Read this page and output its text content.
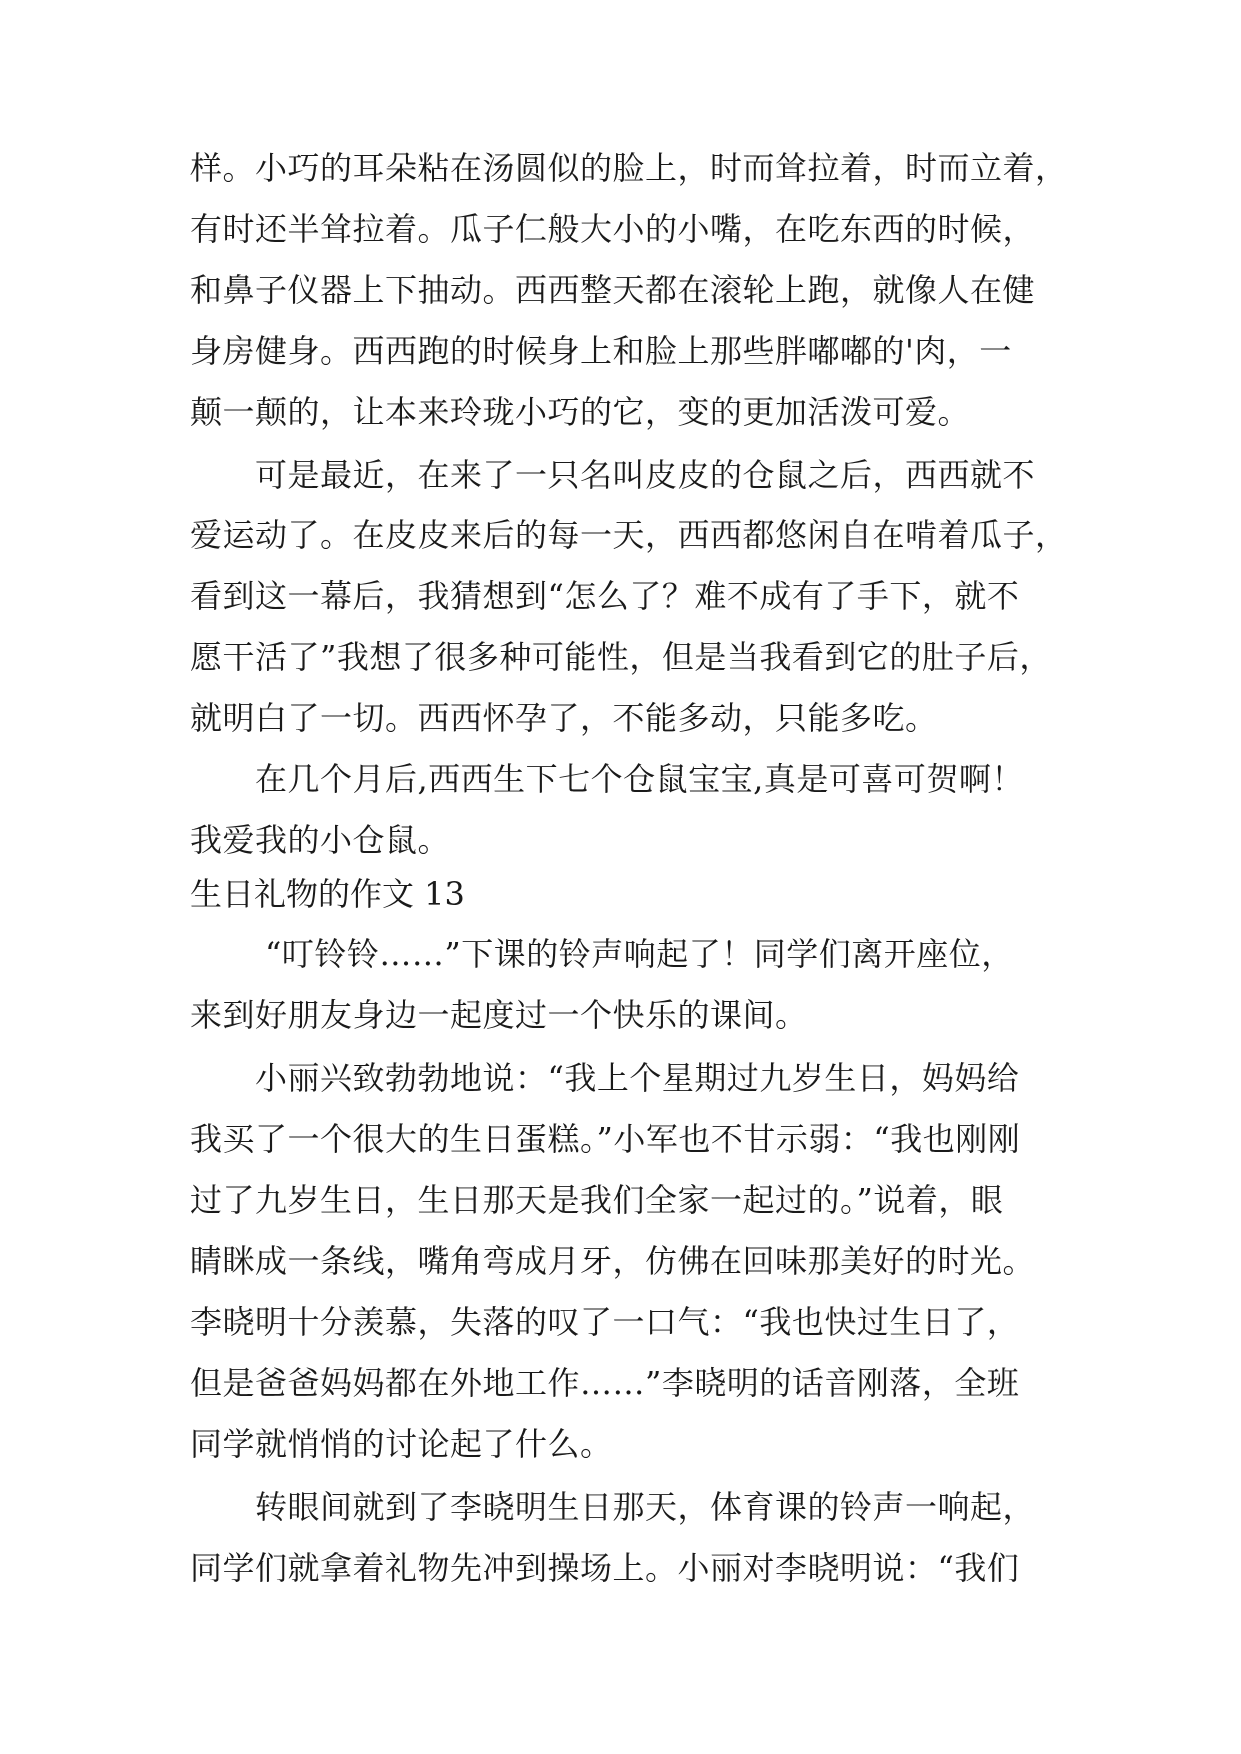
样。小巧的耳朵粘在汤圆似的脸上，时而耸拉着，时而立着，
有时还半耸拉着。瓜子仁般大小的小嘴，在吃东西的时候，
和鼻子仪器上下抽动。西西整天都在滚轮上跑，就像人在健
身房健身。西西跑的时候身上和脸上那些胖嘟嘟的'肉，一
颠一颠的，让本来玲珑小巧的它，变的更加活泼可爱。
可是最近，在来了一只名叫皮皮的仓鼠之后，西西就不
爱运动了。在皮皮来后的每一天，西西都悠闲自在啃着瓜子，
看到这一幕后，我猜想到“怎么了？难不成有了手下，就不
愿干活了”我想了很多种可能性，但是当我看到它的肚子后，
就明白了一切。西西怀孕了，不能多动，只能多吃。
在几个月后,西西生下七个仓鼠宝宝,真是可喜可贺啊！
我爱我的小仓鼠。
生日礼物的作文 13
“叮铃铃……”下课的铃声响起了！同学们离开座位，
来到好朋友身边一起度过一个快乐的课间。
小丽兴致勃勃地说：“我上个星期过九岁生日，妈妈给
我买了一个很大的生日蛋糕。”小军也不甘示弱：“我也刚刚
过了九岁生日，生日那天是我们全家一起过的。”说着，眼
睛眯成一条线，嘴角弯成月牙，仿佛在回味那美好的时光。
李晓明十分羡慕，失落的叹了一口气：“我也快过生日了，
但是爸爸妈妈都在外地工作……”李晓明的话音刚落，全班
同学就悄悄的讨论起了什么。
转眼间就到了李晓明生日那天，体育课的铃声一响起，
同学们就拿着礼物先冲到操场上。小丽对李晓明说：“我们
